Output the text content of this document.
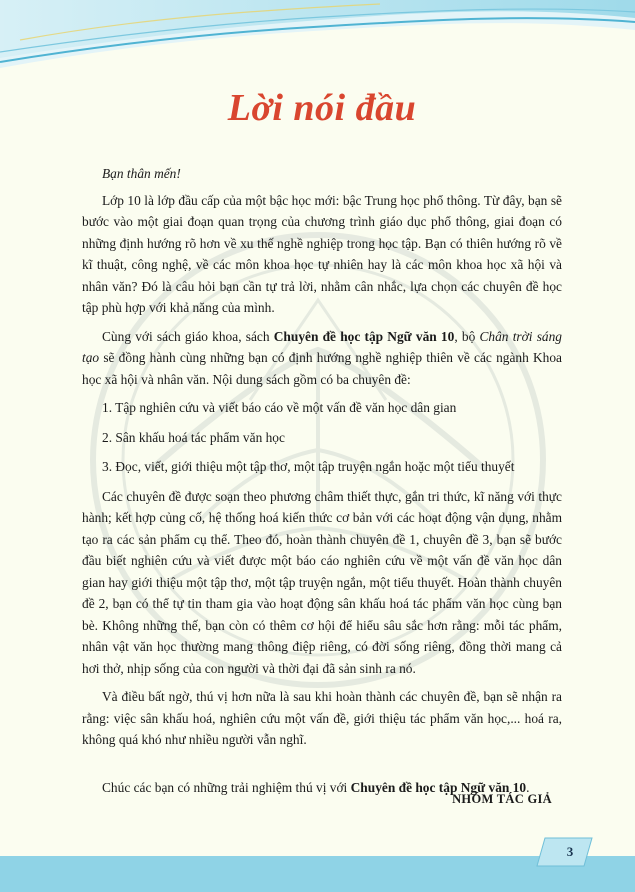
Lời nói đầu

Bạn thân mến!

Lớp 10 là lớp đầu cấp của một bậc học mới: bậc Trung học phổ thông. Từ đây, bạn sẽ bước vào một giai đoạn quan trọng của chương trình giáo dục phổ thông, giai đoạn có những định hướng rõ hơn về xu thế nghề nghiệp trong học tập. Bạn có thiên hướng rõ về kĩ thuật, công nghệ, về các môn khoa học tự nhiên hay là các môn khoa học xã hội và nhân văn? Đó là câu hỏi bạn cần tự trả lời, nhằm cân nhắc, lựa chọn các chuyên đề học tập phù hợp với khả năng của mình.

Cùng với sách giáo khoa, sách Chuyên đề học tập Ngữ văn 10, bộ Chân trời sáng tạo sẽ đồng hành cùng những bạn có định hướng nghề nghiệp thiên về các ngành Khoa học xã hội và nhân văn. Nội dung sách gồm có ba chuyên đề:

1. Tập nghiên cứu và viết báo cáo về một vấn đề văn học dân gian

2. Sân khấu hoá tác phẩm văn học

3. Đọc, viết, giới thiệu một tập thơ, một tập truyện ngắn hoặc một tiểu thuyết

Các chuyên đề được soạn theo phương châm thiết thực, gắn tri thức, kĩ năng với thực hành; kết hợp củng cố, hệ thống hoá kiến thức cơ bản với các hoạt động vận dụng, nhằm tạo ra các sản phẩm cụ thể. Theo đó, hoàn thành chuyên đề 1, chuyên đề 3, bạn sẽ bước đầu biết nghiên cứu và viết được một báo cáo nghiên cứu về một vấn đề văn học dân gian hay giới thiệu một tập thơ, một tập truyện ngắn, một tiểu thuyết. Hoàn thành chuyên đề 2, bạn có thể tự tin tham gia vào hoạt động sân khấu hoá tác phẩm văn học cùng bạn bè. Không những thế, bạn còn có thêm cơ hội để hiểu sâu sắc hơn rằng: mỗi tác phẩm, nhân vật văn học thường mang thông điệp riêng, có đời sống riêng, đồng thời mang cả hơi thở, nhịp sống của con người và thời đại đã sản sinh ra nó.

Và điều bất ngờ, thú vị hơn nữa là sau khi hoàn thành các chuyên đề, bạn sẽ nhận ra rằng: việc sân khấu hoá, nghiên cứu một vấn đề, giới thiệu tác phẩm văn học,... hoá ra, không quá khó như nhiều người vẫn nghĩ.

Chúc các bạn có những trải nghiệm thú vị với Chuyên đề học tập Ngữ văn 10.

NHÓM TÁC GIẢ
3
